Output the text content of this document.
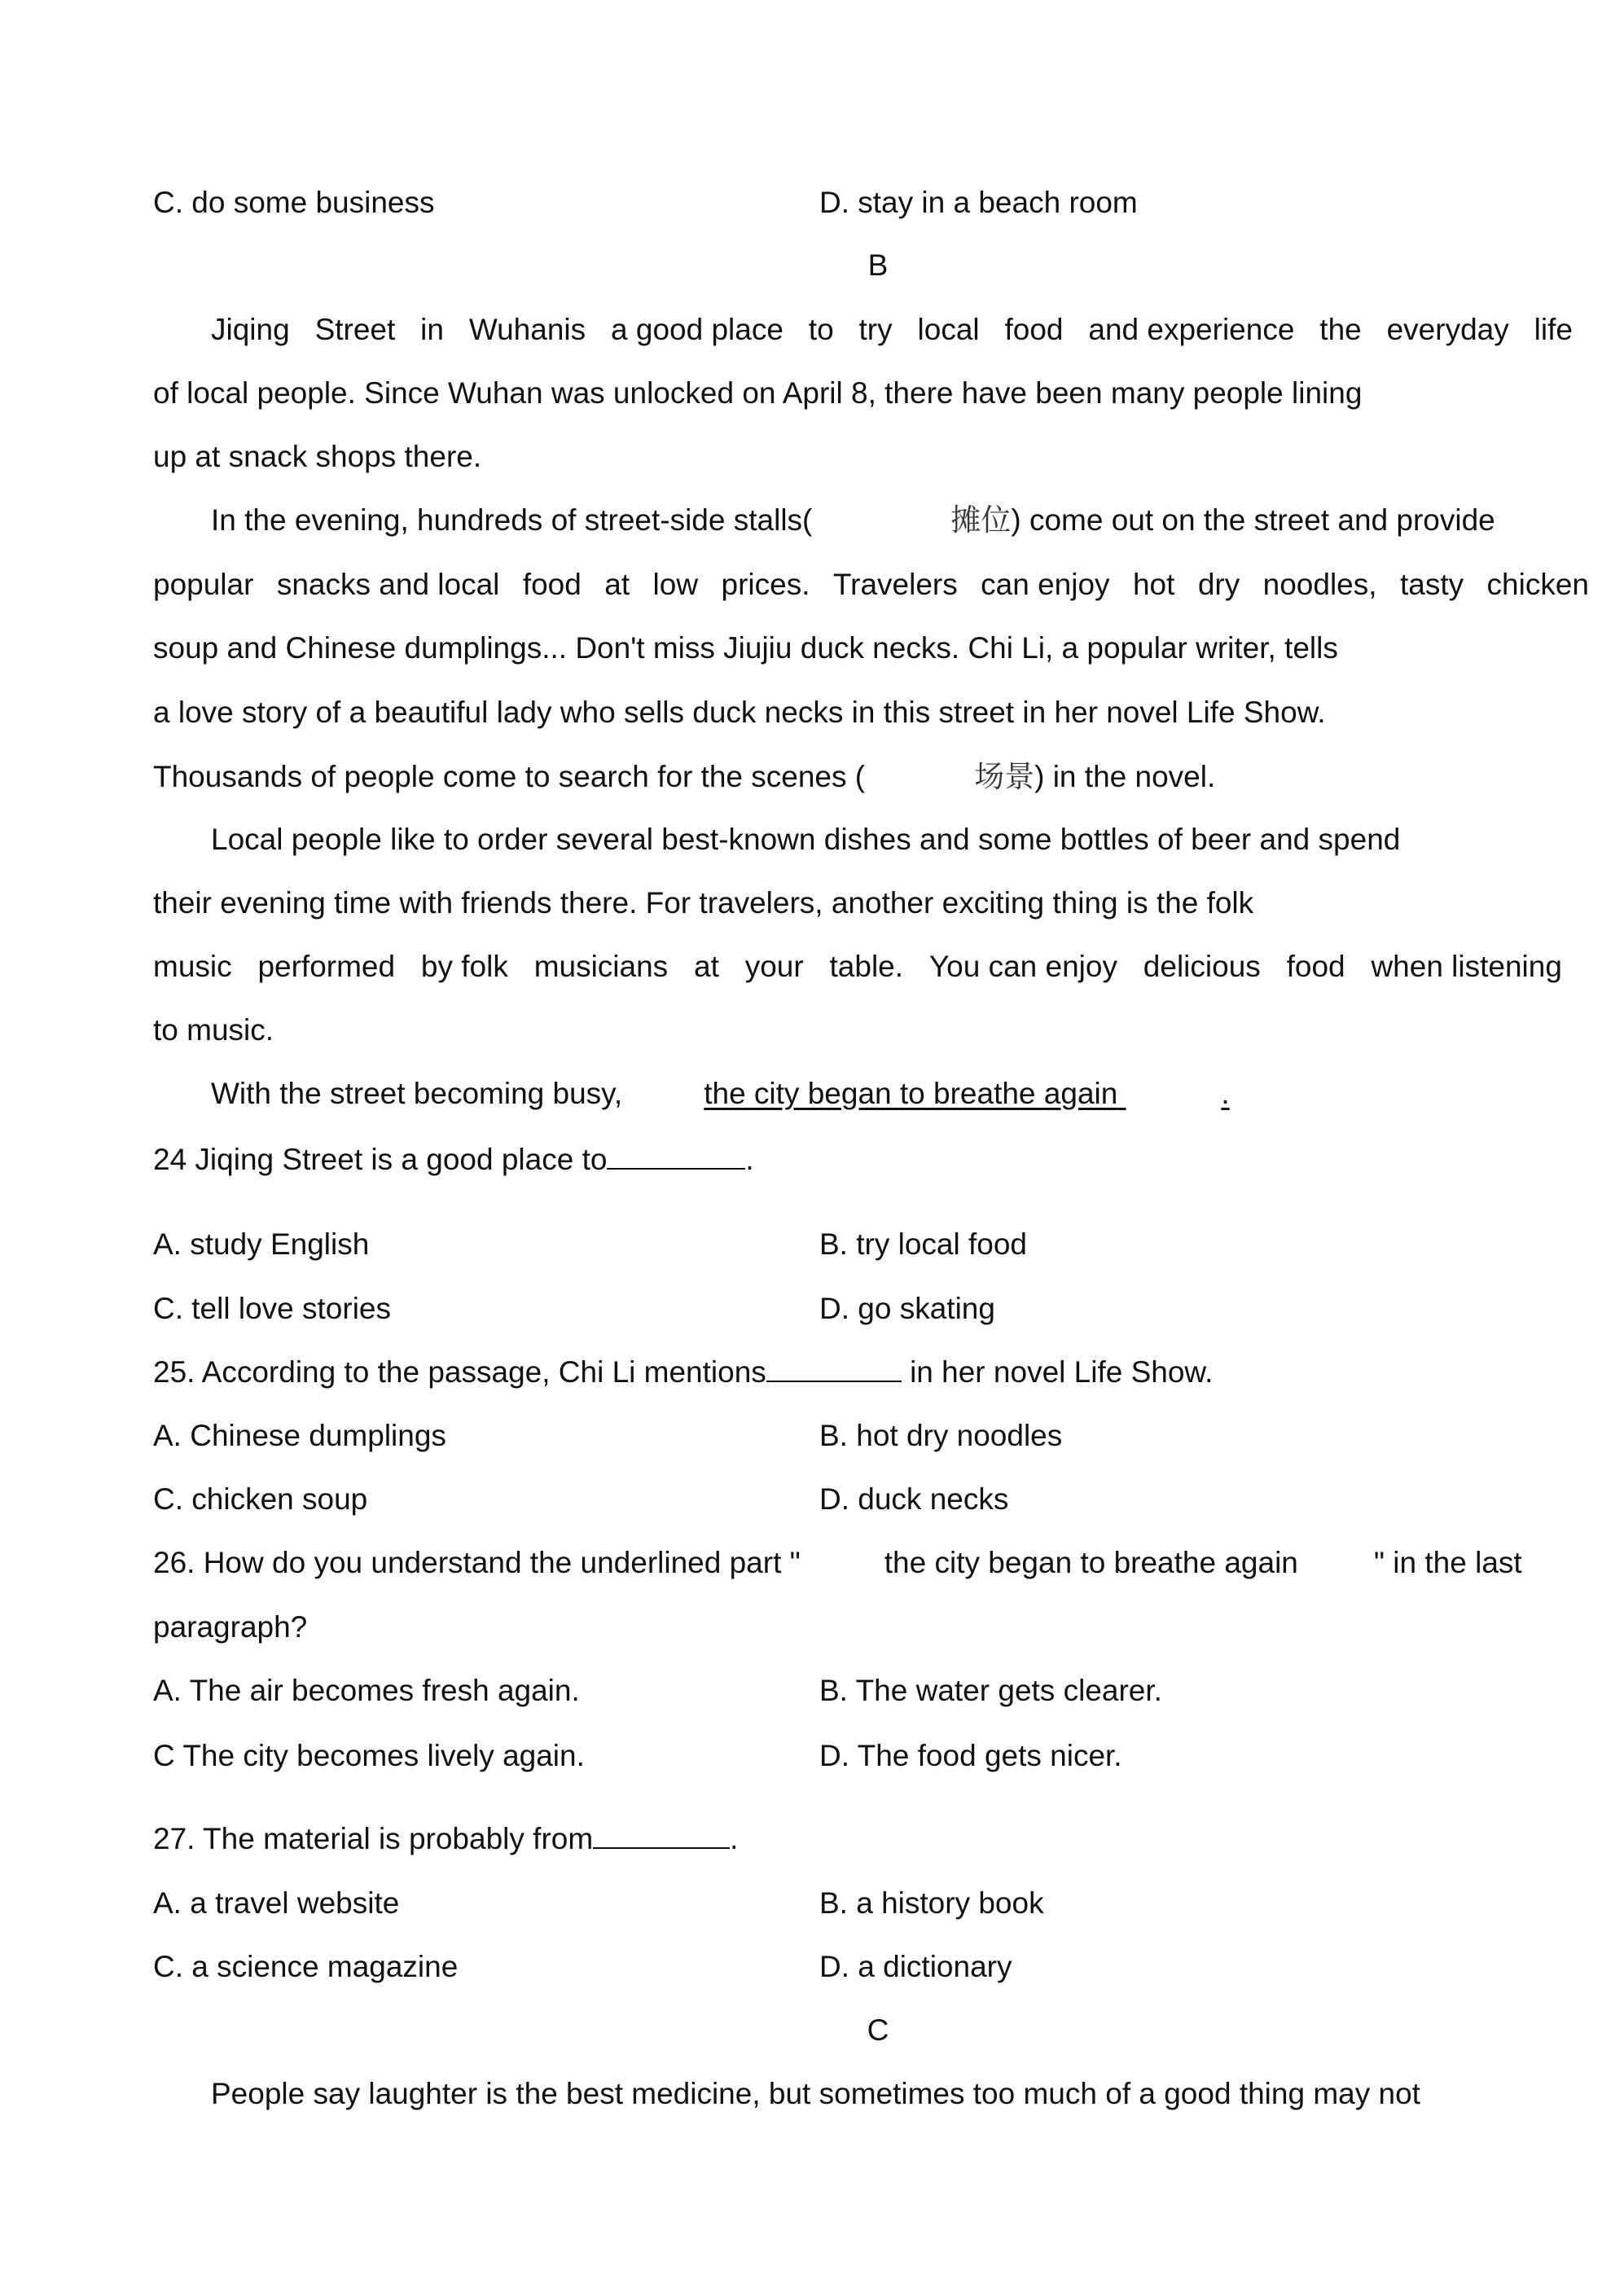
C. do some business	D. stay in a beach room
B
Jiqing Street in Wuhanis a good place to try local food and experience the everyday life
of local people. Since Wuhan was unlocked on April 8, there have been many people lining
up at snack shops there.
In the evening, hundreds of street-side stalls(	摊位) come out on the street and provide
popular snacks and local food at low prices. Travelers can enjoy hot dry noodles, tasty chicken
soup and Chinese dumplings... Don't miss Jiujiu duck necks. Chi Li, a popular writer, tells
a love story of a beautiful lady who sells duck necks in this street in her novel Life Show.
Thousands of people come to search for the scenes (	场景) in the novel.
Local people like to order several best-known dishes and some bottles of beer and spend
their evening time with friends there. For travelers, another exciting thing is the folk
music performed by folk musicians at your table. You can enjoy delicious food when listening
to music.
With the street becoming busy,	the city began to breathe again	.
24 Jiqing Street is a good place to	.
A. study English	B. try local food
C. tell love stories	D. go skating
25. According to the passage, Chi Li mentions	in her novel Life Show.
A. Chinese dumplings	B. hot dry noodles
C. chicken soup	D. duck necks
26. How do you understand the underlined part "	the city began to breathe again	" in the last
paragraph?
A. The air becomes fresh again.	B. The water gets clearer.
C The city becomes lively again.	D. The food gets nicer.
27. The material is probably from	.
A. a travel website	B. a history book
C. a science magazine	D. a dictionary
C
People say laughter is the best medicine, but sometimes too much of a good thing may not
